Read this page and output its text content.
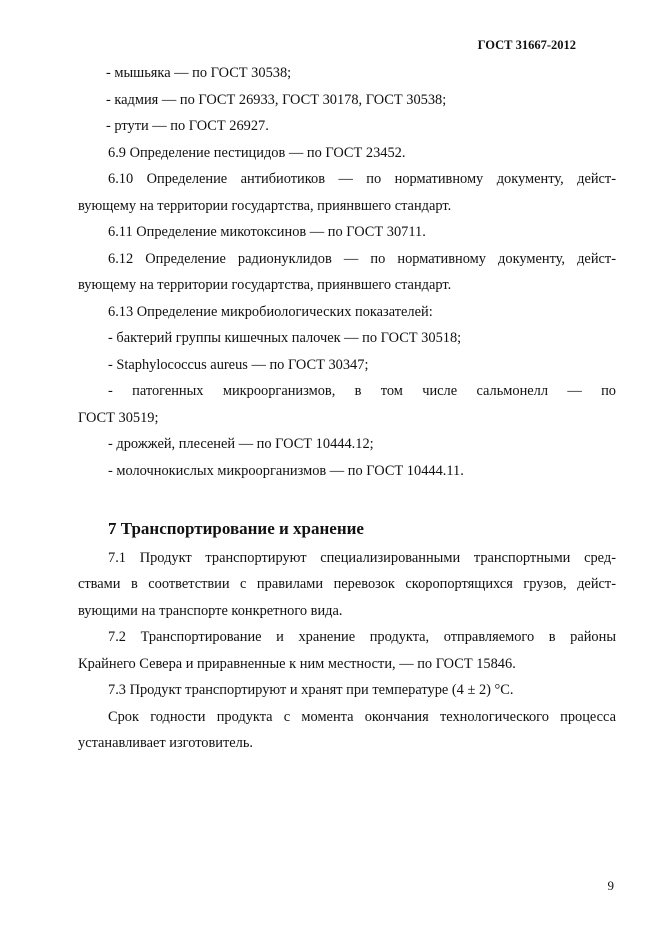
ГОСТ 31667-2012
- мышьяка — по ГОСТ 30538;
- кадмия — по ГОСТ 26933, ГОСТ 30178, ГОСТ 30538;
- ртути — по ГОСТ 26927.
6.9 Определение пестицидов — по ГОСТ 23452.
6.10 Определение антибиотиков — по нормативному документу, дейст-
вующему на территории государтства, приянвшего стандарт.
6.11 Определение микотоксинов — по ГОСТ 30711.
6.12 Определение радионуклидов — по нормативному документу, дейст-
вующему на территории государтства, приянвшего стандарт.
6.13 Определение микробиологических показателей:
- бактерий группы кишечных палочек — по ГОСТ 30518;
- Staphylococcus aureus — по ГОСТ 30347;
- патогенных микроорганизмов, в том числе сальмонелл — по
ГОСТ 30519;
- дрожжей, плесеней — по ГОСТ 10444.12;
- молочнокислых микроорганизмов — по ГОСТ 10444.11.
7 Транспортирование и хранение
7.1 Продукт транспортируют специализированными транспортными сред-
ствами в соответствии с правилами перевозок скоропортящихся грузов, дейст-
вующими на транспорте конкретного вида.
7.2 Транспортирование и хранение продукта, отправляемого в районы
Крайнего Севера и приравненные к ним местности, — по ГОСТ 15846.
7.3 Продукт транспортируют и хранят при температуре (4 ± 2) °С.
Срок годности продукта с момента окончания технологического процесса
устанавливает изготовитель.
9
